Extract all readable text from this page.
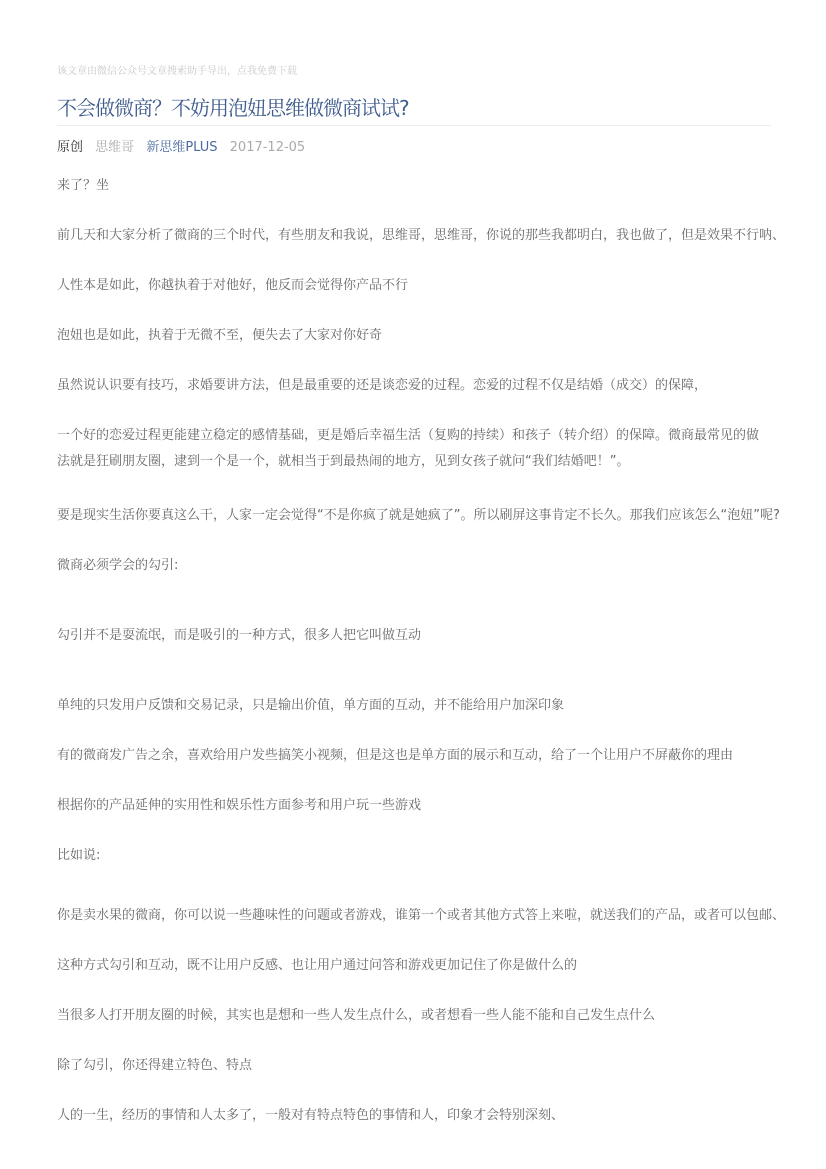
该文章由微信公众号文章搜索助手导出，点我免费下载
不会做微商？不妨用泡妞思维做微商试试?
原创 思维哥 新思维PLUS 2017-12-05

来了？坐

前几天和大家分析了微商的三个时代，有些朋友和我说，思维哥，思维哥，你说的那些我都明白，我也做了，但是效果不行呐、

人性本是如此，你越执着于对他好，他反而会觉得你产品不行

泡妞也是如此，执着于无微不至，便失去了大家对你好奇

虽然说认识要有技巧，求婚要讲方法，但是最重要的还是谈恋爱的过程。恋爱的过程不仅是结婚（成交）的保障，

一个好的恋爱过程更能建立稳定的感情基础，更是婚后幸福生活（复购的持续）和孩子（转介绍）的保障。微商最常见的做法就是狂刷朋友圈，逮到一个是一个，就相当于到最热闹的地方，见到女孩子就问“我们结婚吧！”。

要是现实生活你要真这么干，人家一定会觉得“不是你疯了就是她疯了”。所以刷屏这事肯定不长久。那我们应该怎么“泡妞”呢?

微商必须学会的勾引:

勾引并不是耍流氓，而是吸引的一种方式，很多人把它叫做互动

单纯的只发用户反馈和交易记录，只是输出价值，单方面的互动，并不能给用户加深印象

有的微商发广告之余，喜欢给用户发些搞笑小视频，但是这也是单方面的展示和互动，给了一个让用户不屏蔽你的理由

根据你的产品延伸的实用性和娱乐性方面参考和用户玩一些游戏

比如说:

你是卖水果的微商，你可以说一些趣味性的问题或者游戏，谁第一个或者其他方式答上来啦，就送我们的产品，或者可以包邮、

这种方式勾引和互动，既不让用户反感、也让用户通过问答和游戏更加记住了你是做什么的

当很多人打开朋友圈的时候，其实也是想和一些人发生点什么，或者想看一些人能不能和自己发生点什么

除了勾引，你还得建立特色、特点

人的一生，经历的事情和人太多了，一般对有特点特色的事情和人，印象才会特别深刻、
